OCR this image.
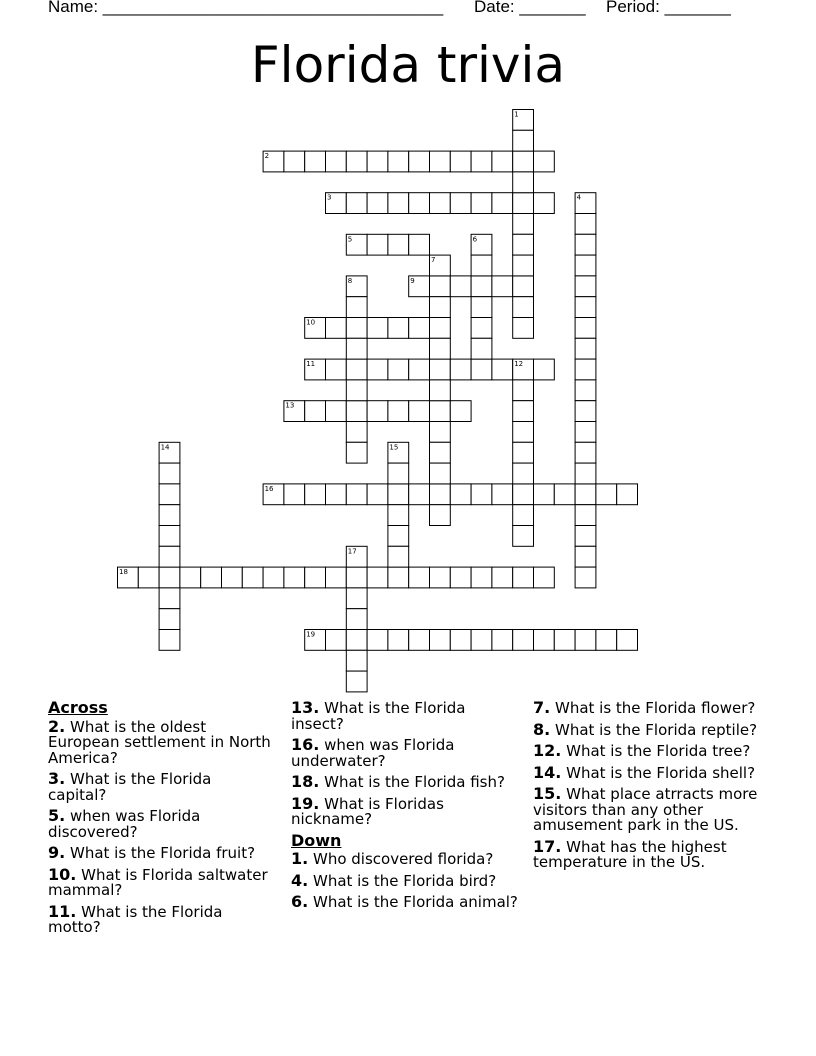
Name: ____________________________________ Date: _______ Period: _______
Florida trivia
2
3
5
9
10
11
13
16
18
19
1
4
6
7
8
12
14	15
17
Across
2. What is the oldest European settlement in North America?
3. What is the Florida capital?
5. when was Florida discovered?
9. What is the Florida fruit?
10. What is Florida saltwater mammal?
11. What is the Florida motto?
13. What is the Florida insect?
16. when was Florida underwater?
18. What is the Florida fish?
19. What is Floridas nickname?
Down
1. Who discovered florida?
4. What is the Florida bird?
6. What is the Florida animal?
7. What is the Florida flower?
8. What is the Florida reptile?
12. What is the Florida tree?
14. What is the Florida shell?
15. What place atrracts more visitors than any other amusement park in the US.
17. What has the highest temperature in the US.
